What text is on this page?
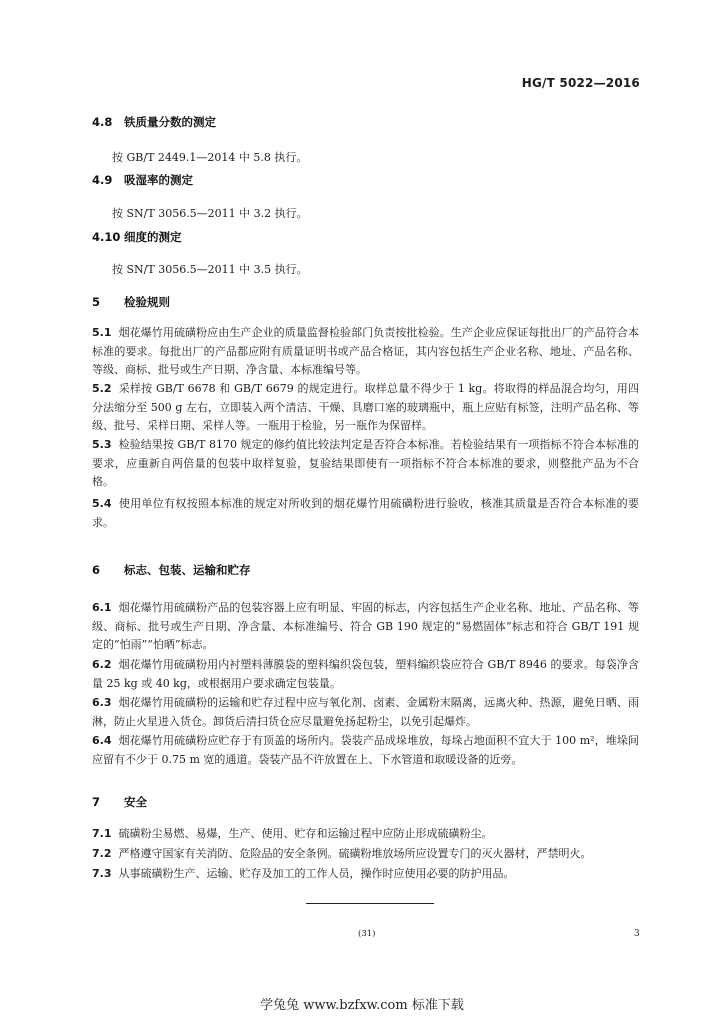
HG/T 5022—2016
4.8 铁质量分数的测定
按 GB/T 2449.1—2014 中 5.8 执行。
4.9 吸湿率的测定
按 SN/T 3056.5—2011 中 3.2 执行。
4.10 细度的测定
按 SN/T 3056.5—2011 中 3.5 执行。
5 检验规则
5.1 烟花爆竹用硫磺粉应由生产企业的质量监督检验部门负责按批检验。生产企业应保证每批出厂的产品符合本标准的要求。每批出厂的产品都应附有质量证明书或产品合格证，其内容包括生产企业名称、地址、产品名称、等级、商标、批号或生产日期、净含量、本标准编号等。
5.2 采样按 GB/T 6678 和 GB/T 6679 的规定进行。取样总量不得少于 1 kg。将取得的样品混合均匀，用四分法缩分至 500 g 左右，立即装入两个清洁、干燥、具磨口塞的玻璃瓶中，瓶上应贴有标签，注明产品名称、等级、批号、采样日期、采样人等。一瓶用于检验，另一瓶作为保留样。
5.3 检验结果按 GB/T 8170 规定的修约值比较法判定是否符合本标准。若检验结果有一项指标不符合本标准的要求，应重新自两倍量的包装中取样复验，复验结果即使有一项指标不符合本标准的要求，则整批产品为不合格。
5.4 使用单位有权按照本标准的规定对所收到的烟花爆竹用硫磺粉进行验收，核准其质量是否符合本标准的要求。
6 标志、包装、运输和贮存
6.1 烟花爆竹用硫磺粉产品的包装容器上应有明显、牢固的标志，内容包括生产企业名称、地址、产品名称、等级、商标、批号或生产日期、净含量、本标准编号、符合 GB 190 规定的“易燃固体”标志和符合 GB/T 191 规定的“怕雨”“怕晒”标志。
6.2 烟花爆竹用硫磺粉用内衬塑料薄膜袋的塑料编织袋包装，塑料编织袋应符合 GB/T 8946 的要求。每袋净含量 25 kg 或 40 kg，或根据用户要求确定包装量。
6.3 烟花爆竹用硫磺粉的运输和贮存过程中应与氧化剂、卤素、金属粉末隔离，远离火种、热源，避免日晒、雨淋，防止火星进入货仓。卸货后清扫货仓应尽量避免扬起粉尘，以免引起爆炸。
6.4 烟花爆竹用硫磺粉应贮存于有顶盖的场所内。袋装产品成垛堆放，每垛占地面积不宜大于 100 m²，堆垛间应留有不少于 0.75 m 宽的通道。袋装产品不许放置在上、下水管道和取暖设备的近旁。
7 安全
7.1 硫磺粉尘易燃、易爆，生产、使用、贮存和运输过程中应防止形成硫磺粉尘。
7.2 严格遵守国家有关消防、危险品的安全条例。硫磺粉堆放场所应设置专门的灭火器材，严禁明火。
7.3 从事硫磺粉生产、运输、贮存及加工的工作人员，操作时应使用必要的防护用品。
(31)	3
学兔兔 www.bzfxw.com 标准下载
